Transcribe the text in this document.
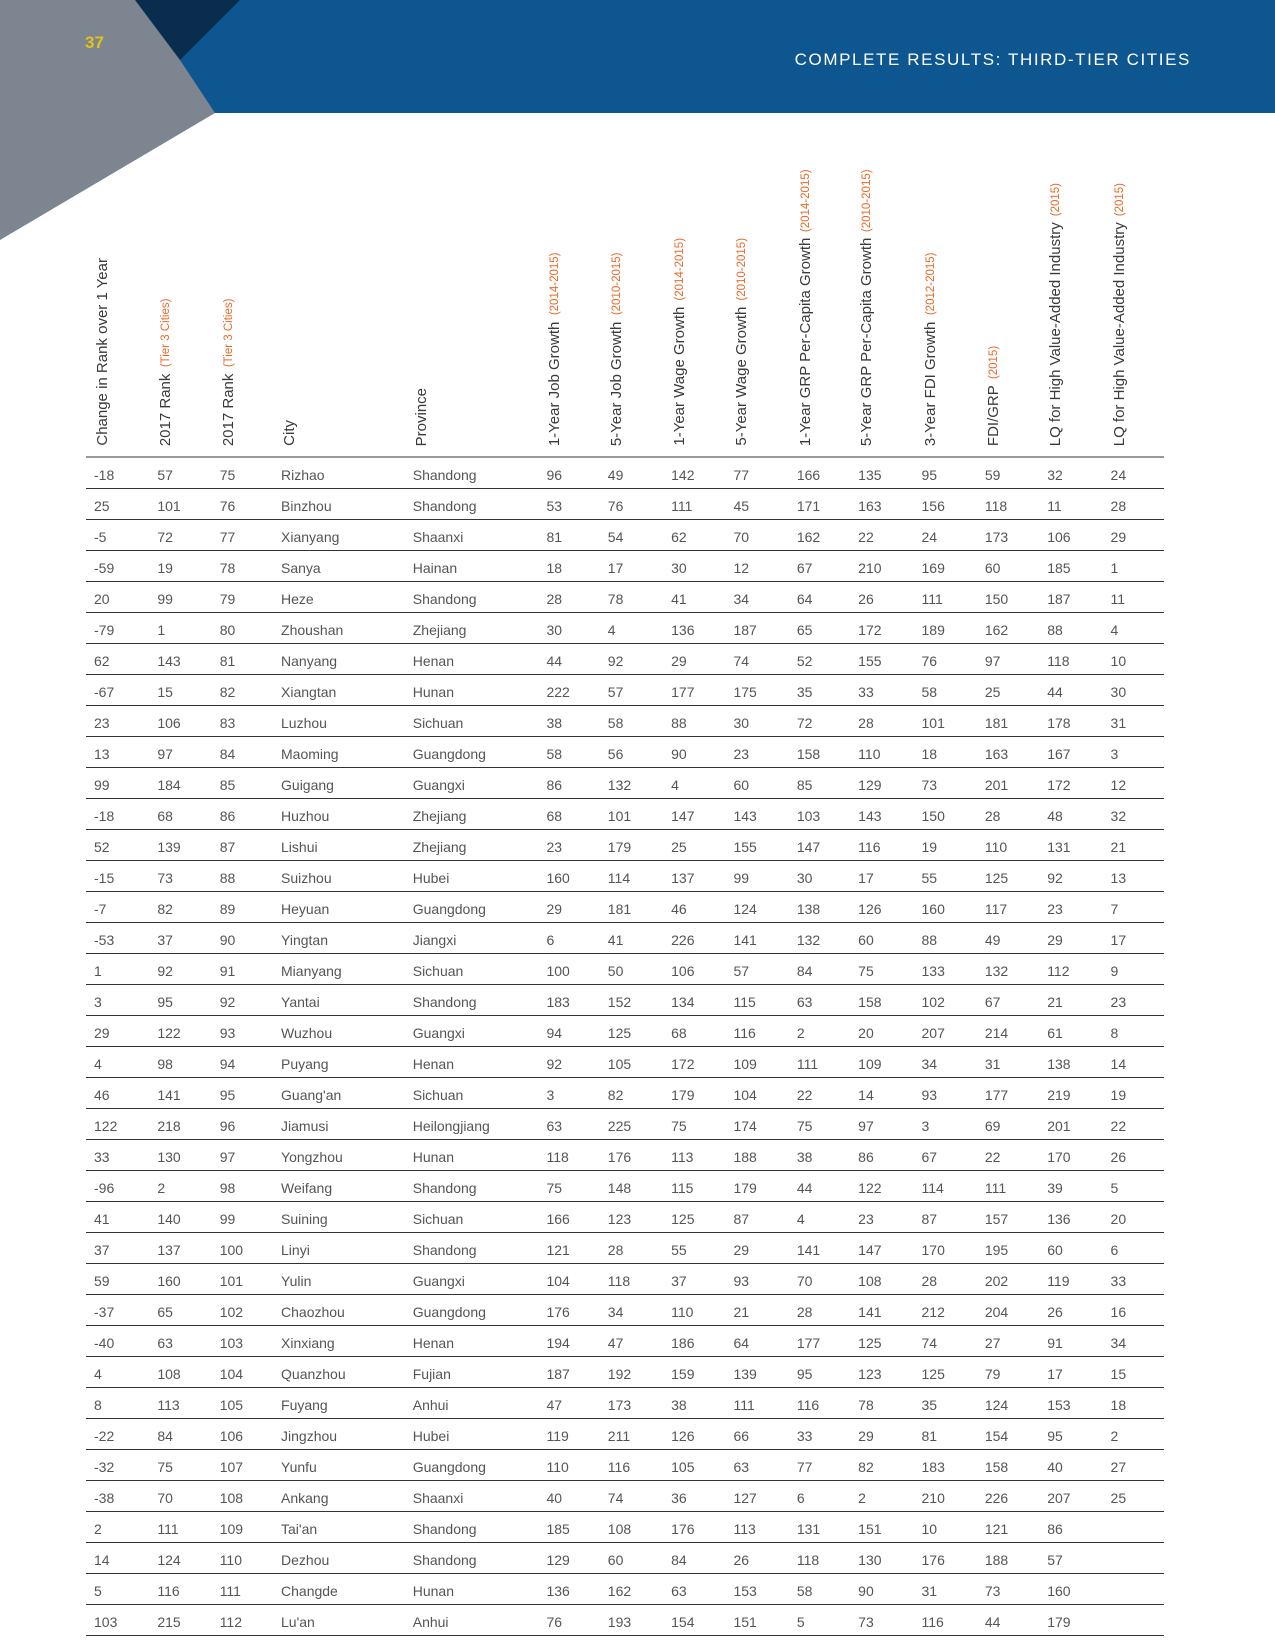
37
COMPLETE RESULTS: THIRD-TIER CITIES
Change in Rank over 1 Year	2017 Rank(Tier 3 Cities)	2017 Rank(Tier 3 Cities)	City	Province	1-Year Job Growth(2014-2015)	5-Year Job Growth(2010-2015)	1-Year Wage Growth(2014-2015)	5-Year Wage Growth(2010-2015)	1-Year GRP Per-Capita Growth(2014-2015)	5-Year GRP Per-Capita Growth(2010-2015)	3-Year FDI Growth(2012-2015)	FDI/GRP(2015)	LQ for High Value-Added Industry(2015)	LQ for High Value-Added Industry(2015)

-18	57	75	Rizhao	Shandong	96	49	142	77	166	135	95	59	32	24
25	101	76	Binzhou	Shandong	53	76	111	45	171	163	156	118	11	28
-5	72	77	Xianyang	Shaanxi	81	54	62	70	162	22	24	173	106	29
-59	19	78	Sanya	Hainan	18	17	30	12	67	210	169	60	185	1
20	99	79	Heze	Shandong	28	78	41	34	64	26	111	150	187	11
-79	1	80	Zhoushan	Zhejiang	30	4	136	187	65	172	189	162	88	4
62	143	81	Nanyang	Henan	44	92	29	74	52	155	76	97	118	10
-67	15	82	Xiangtan	Hunan	222	57	177	175	35	33	58	25	44	30
23	106	83	Luzhou	Sichuan	38	58	88	30	72	28	101	181	178	31
13	97	84	Maoming	Guangdong	58	56	90	23	158	110	18	163	167	3
99	184	85	Guigang	Guangxi	86	132	4	60	85	129	73	201	172	12
-18	68	86	Huzhou	Zhejiang	68	101	147	143	103	143	150	28	48	32
52	139	87	Lishui	Zhejiang	23	179	25	155	147	116	19	110	131	21
-15	73	88	Suizhou	Hubei	160	114	137	99	30	17	55	125	92	13
-7	82	89	Heyuan	Guangdong	29	181	46	124	138	126	160	117	23	7
-53	37	90	Yingtan	Jiangxi	6	41	226	141	132	60	88	49	29	17
1	92	91	Mianyang	Sichuan	100	50	106	57	84	75	133	132	112	9
3	95	92	Yantai	Shandong	183	152	134	115	63	158	102	67	21	23
29	122	93	Wuzhou	Guangxi	94	125	68	116	2	20	207	214	61	8
4	98	94	Puyang	Henan	92	105	172	109	111	109	34	31	138	14
46	141	95	Guang'an	Sichuan	3	82	179	104	22	14	93	177	219	19
122	218	96	Jiamusi	Heilongjiang	63	225	75	174	75	97	3	69	201	22
33	130	97	Yongzhou	Hunan	118	176	113	188	38	86	67	22	170	26
-96	2	98	Weifang	Shandong	75	148	115	179	44	122	114	111	39	5
41	140	99	Suining	Sichuan	166	123	125	87	4	23	87	157	136	20
37	137	100	Linyi	Shandong	121	28	55	29	141	147	170	195	60	6
59	160	101	Yulin	Guangxi	104	118	37	93	70	108	28	202	119	33
-37	65	102	Chaozhou	Guangdong	176	34	110	21	28	141	212	204	26	16
-40	63	103	Xinxiang	Henan	194	47	186	64	177	125	74	27	91	34
4	108	104	Quanzhou	Fujian	187	192	159	139	95	123	125	79	17	15
8	113	105	Fuyang	Anhui	47	173	38	111	116	78	35	124	153	18
-22	84	106	Jingzhou	Hubei	119	211	126	66	33	29	81	154	95	2
-32	75	107	Yunfu	Guangdong	110	116	105	63	77	82	183	158	40	27
-38	70	108	Ankang	Shaanxi	40	74	36	127	6	2	210	226	207	25
2	111	109	Tai'an	Shandong	185	108	176	113	131	151	10	121	86	
14	124	110	Dezhou	Shandong	129	60	84	26	118	130	176	188	57	
5	116	111	Changde	Hunan	136	162	63	153	58	90	31	73	160	
103	215	112	Lu'an	Anhui	76	193	154	151	5	73	116	44	179	
